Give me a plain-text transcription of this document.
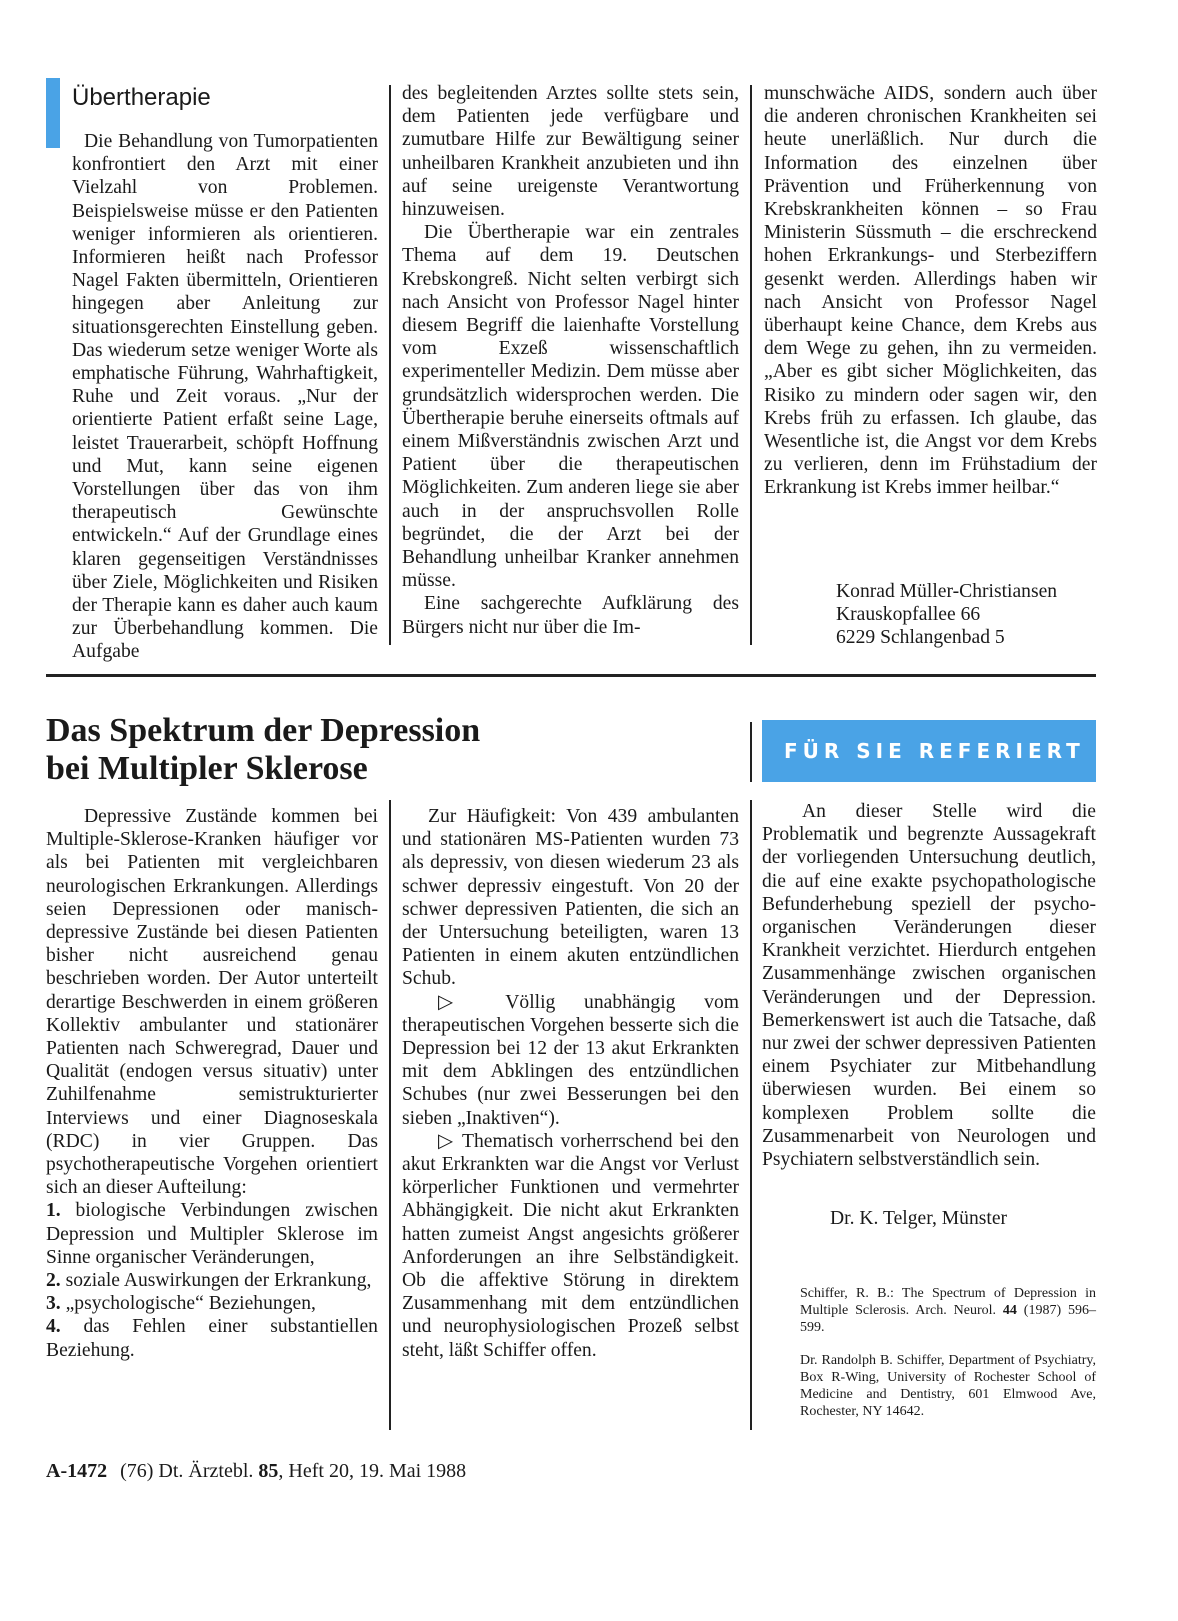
Übertherapie

Die Behandlung von Tumorpatienten konfrontiert den Arzt mit einer Vielzahl von Problemen. Beispielsweise müsse er den Patienten weniger informieren als orientieren. Informieren heißt nach Professor Nagel Fakten übermitteln, Orientieren hingegen aber Anleitung zur situationsgerechten Einstellung geben. Das wiederum setze weniger Worte als emphatische Führung, Wahrhaftigkeit, Ruhe und Zeit voraus. „Nur der orientierte Patient erfaßt seine Lage, leistet Trauerarbeit, schöpft Hoffnung und Mut, kann seine eigenen Vorstellungen über das von ihm therapeutisch Gewünschte entwickeln.“ Auf der Grundlage eines klaren gegenseitigen Verständnisses über Ziele, Möglichkeiten und Risiken der Therapie kann es daher auch kaum zur Überbehandlung kommen. Die Aufgabe

des begleitenden Arztes sollte stets sein, dem Patienten jede verfügbare und zumutbare Hilfe zur Bewältigung seiner unheilbaren Krankheit anzubieten und ihn auf seine ureigenste Verantwortung hinzuweisen.

Die Übertherapie war ein zentrales Thema auf dem 19. Deutschen Krebskongreß. Nicht selten verbirgt sich nach Ansicht von Professor Nagel hinter diesem Begriff die laienhafte Vorstellung vom Exzeß wissenschaftlich experimenteller Medizin. Dem müsse aber grundsätzlich widersprochen werden. Die Übertherapie beruhe einerseits oftmals auf einem Mißverständnis zwischen Arzt und Patient über die therapeutischen Möglichkeiten. Zum anderen liege sie aber auch in der anspruchsvollen Rolle begründet, die der Arzt bei der Behandlung unheilbar Kranker annehmen müsse.

Eine sachgerechte Aufklärung des Bürgers nicht nur über die Im-

munschwäche AIDS, sondern auch über die anderen chronischen Krankheiten sei heute unerläßlich. Nur durch die Information des einzelnen über Prävention und Früherkennung von Krebskrankheiten können – so Frau Ministerin Süssmuth – die erschreckend hohen Erkrankungs- und Sterbeziffern gesenkt werden. Allerdings haben wir nach Ansicht von Professor Nagel überhaupt keine Chance, dem Krebs aus dem Wege zu gehen, ihn zu vermeiden. „Aber es gibt sicher Möglichkeiten, das Risiko zu mindern oder sagen wir, den Krebs früh zu erfassen. Ich glaube, das Wesentliche ist, die Angst vor dem Krebs zu verlieren, denn im Frühstadium der Erkrankung ist Krebs immer heilbar.“

Konrad Müller-Christiansen
Krauskopfallee 66
6229 Schlangenbad 5
Das Spektrum der Depression
bei Multipler Sklerose	FÜR SIE REFERIERT

Depressive Zustände kommen bei Multiple-Sklerose-Kranken häufiger vor als bei Patienten mit vergleichbaren neurologischen Erkrankungen. Allerdings seien Depressionen oder manisch-depressive Zustände bei diesen Patienten bisher nicht ausreichend genau beschrieben worden. Der Autor unterteilt derartige Beschwerden in einem größeren Kollektiv ambulanter und stationärer Patienten nach Schweregrad, Dauer und Qualität (endogen versus situativ) unter Zuhilfenahme semistrukturierter Interviews und einer Diagnoseskala (RDC) in vier Gruppen. Das psychotherapeutische Vorgehen orientiert sich an dieser Aufteilung:

1. biologische Verbindungen zwischen Depression und Multipler Sklerose im Sinne organischer Veränderungen,
2. soziale Auswirkungen der Erkrankung,
3. „psychologische“ Beziehungen,
4. das Fehlen einer substantiellen Beziehung.

Zur Häufigkeit: Von 439 ambulanten und stationären MS-Patienten wurden 73 als depressiv, von diesen wiederum 23 als schwer depressiv eingestuft. Von 20 der schwer depressiven Patienten, die sich an der Untersuchung beteiligten, waren 13 Patienten in einem akuten entzündlichen Schub.

▷ Völlig unabhängig vom therapeutischen Vorgehen besserte sich die Depression bei 12 der 13 akut Erkrankten mit dem Abklingen des entzündlichen Schubes (nur zwei Besserungen bei den sieben „Inaktiven“).

▷ Thematisch vorherrschend bei den akut Erkrankten war die Angst vor Verlust körperlicher Funktionen und vermehrter Abhängigkeit. Die nicht akut Erkrankten hatten zumeist Angst angesichts größerer Anforderungen an ihre Selbständigkeit. Ob die affektive Störung in direktem Zusammenhang mit dem entzündlichen und neurophysiologischen Prozeß selbst steht, läßt Schiffer offen.

An dieser Stelle wird die Problematik und begrenzte Aussagekraft der vorliegenden Untersuchung deutlich, die auf eine exakte psychopathologische Befunderhebung speziell der psycho-organischen Veränderungen dieser Krankheit verzichtet. Hierdurch entgehen Zusammenhänge zwischen organischen Veränderungen und der Depression. Bemerkenswert ist auch die Tatsache, daß nur zwei der schwer depressiven Patienten einem Psychiater zur Mitbehandlung überwiesen wurden. Bei einem so komplexen Problem sollte die Zusammenarbeit von Neurologen und Psychiatern selbstverständlich sein.

Dr. K. Telger, Münster
Schiffer, R. B.: The Spectrum of Depression in Multiple Sclerosis. Arch. Neurol. 44 (1987) 596–599.
Dr. Randolph B. Schiffer, Department of Psychiatry, Box R-Wing, University of Rochester School of Medicine and Dentistry, 601 Elmwood Ave, Rochester, NY 14642.
A-1472 (76) Dt. Ärztebl. 85, Heft 20, 19. Mai 1988
